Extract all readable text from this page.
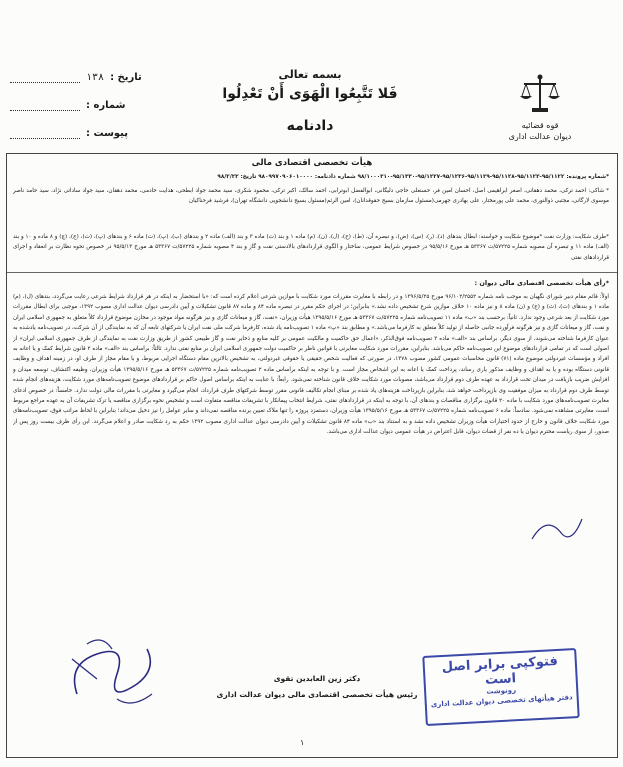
تاریخ :
۱۳۸
شماره :
پیوست :
بسمه تعالی
فَلا تَتَّبِعُوا الْهَوَى أَنْ تَعْدِلُوا
دادنامه	قوه قضائیه
دیوان عدالت اداری
هیأت تخصصی اقتصادی مالی
*شماره پرونده: ۹۵/۱۱۲۲-۹۵/۱۱۲۳-۹۵/۱۱۲۸-۹۵/۱۱۲۹-۹۵/۱۲۳۶-۹۵/۱۲۲۷-۹۵/۱۳۳۰-۹۸/۱۰۰۰۳۱۰ شماره دادنامه: ۹۸۰۹۹۷۰۹۰۶۰۱۰۰۰۰ تاریخ: ۹۸/۲/۲۳
* شاکی: احمد ترکی، محمد دهقانی، اصغر ابراهیمی اصل، احسان امین فر، حسنعلی حاجی دلیگانی، ابوالفضل ابوترابی، احمد سالک، اکبر ترکی، محمود شکری، سید محمد جواد ابطحی، هدایت خادمی، محمد دهقان، سید جواد ساداتی نژاد، سید حامد ناصر موسوی لارگانی، مجتبی ذوالنوری، محمد علی پورمختار، علی بهادری جهرمی(مسئول سازمان بسیج حقوقدانان)، امین الرئم(مسئول بسیج دانشجویی دانشگاه تهران)، فرشید فرحناکیان
*طرف شکایت: وزارت نفت *موضوع شکایت و خواسته: ابطال بندهای (د)، (ر)، (س)، (ض)، و تبصره آن، (ط)، (ح)، (ل)، (ن)، (م) ماده ۱ و بند (ت) ماده ۳ و بند (الف) ماده ۲ و بندهای (ب)، (پ)، (ت) ماده ۶ و بندهای (پ)، (ت)، (ج)، (چ) و ۸ ماده و ۱۰ و بند (الف) ماده ۱۱ و تبصره آن مصوبه شماره ۵۷۲۲۵/ت ۵۳۳۶۷ هـ مورخ ۹۵/۵/۱۶ در خصوص شرایط عمومی، ساختار و الگوی قراردادهای بالادستی نفت و گاز و بند ۴ مصوبه شماره ۵۷۲۲۵/ت ۵۳۳۶۷ هـ مورخ ۹۵/۵/۱۳ در خصوص نحوه نظارت بر انعقاد و اجرای قراردادهای نفتی
*رأی هیأت تخصصی اقتصادی مالی دیوان :
اولاً: قائم مقام دبیر شورای نگهبان به موجب نامه شماره ۹۶/۱۰۲/۲۵۵۲ مورخ ۱۳۹۶/۵/۲۵ و در رابطه با مغایرت مقررات مورد شکایت با موازین شرعی اعلام کرده است که: «با استحضار به اینکه در هر قرارداد شرایط شرعی رعایت می‌گردد، بندهای (ل)، (م) ماده ۱ و بندهای (ت)، (ث) و (ج) و (ن) ماده ۸ و نیز ماده ۱۰ خلاف موازین شرع تشخیص داده نشد.» بنابراین؛ در اجرای حکم مقرر در تبصره ماده ۸۴ و ماده ۸۷ قانون تشکیلات و آیین دادرسی دیوان عدالت اداری مصوب ۱۳۹۲، موجبی برای ابطال مقررات مورد شکایت از بعد شرعی وجود ندارد. ثانیاً: برحسب بند «ب» ماده ۱۱ تصویب‌نامه شماره ۵۷۲۲۵/ت ۵۳۳۶۷ هـ مورخ ۱۳۹۵/۵/۱۶ هیأت وزیران، «نفت، گاز و میعانات گازی و نیز هرگونه مواد موجود در مخازن موضوع قرارداد کلاً متعلق به جمهوری اسلامی ایران و نفت، گاز و میعانات گازی و نیز هرگونه فرآورده جانبی حاصله از تولید کلاً متعلق به کارفرما می‌باشد.» و مطابق بند «پ» ماده ۱ تصویب‌نامه یاد شده، کارفرما شرکت ملی نفت ایران یا شرکتهای تابعه آن که به نمایندگی از آن شرکت، در تصویب‌نامه یادشده به عنوان کارفرما شناخته می‌شوند، از سوی دیگر، براساس بند «الف» ماده ۳ تصویب‌نامه فوق‌الذکر، «اعمال حق حاکمیت و مالکیت عمومی بر کلیه منابع و ذخایر نفت و گاز طبیعی کشور از طریق وزارت نفت به نمایندگی از طرف جمهوری اسلامی ایران» از اصولی است که در تمامی قراردادهای موضوع این تصویب‌نامه حاکم می‌باشد. بنابراین، مقررات مورد شکایت مغایرتی با قوانین ناظر بر حاکمیت دولت جمهوری اسلامی ایران بر منابع نفتی ندارد. ثالثاً: براساس بند «الف» ماده ۲ قانون شرایط کمک و یا اعانه به افراد و مؤسسات غیردولتی موضوع ماده (۷۱) قانون محاسبات عمومی کشور مصوب ۱۳۷۸، در صورتی که فعالیت شخص حقیقی یا حقوقی غیردولتی، به تشخیص بالاترین مقام دستگاه اجرایی مربوط، و با مقام مجاز از طرف او، در زمینه اهداف و وظایف قانونی دستگاه بوده و یا به اهداف و وظایف مذکور یاری رساند، پرداخت کمک یا اعانه به این اشخاص مجاز است. و با توجه به اینکه براساس ماده ۲ تصویب‌نامه شماره ۵۷۲۲۵/ت ۵۳۳۶۷ هـ مورخ ۱۳۹۵/۵/۱۶ هیأت وزیران، وظیفه اکتشاف، توسعه میدان و افزایش ضریب بازیافت در میدان تحت قرارداد به عهده طرف دوم قرارداد می‌باشد، مصوبات مورد شکایت خلاف قانون شناخته نمی‌شود. رابعاً: با عنایت به اینکه براساس اصول حاکم بر قراردادهای موضوع تصویب‌نامه‌های مورد شکایت، هزینه‌های انجام شده توسط طرف دوم قرارداد به میزان موفقیت وی بازپرداخت خواهد شد، بنابراین بازپرداخت هزینه‌های یاد شده بر مبنای انجام تکالیف قانونی مقرر توسط شرکتهای طرف قرارداد، انجام می‌گیرد و مغایرتی با مقررات مالی دولت ندارد. خامساً: در خصوص ادعای مغایرت تصویب‌نامه‌های مورد شکایت با ماده ۲۰ قانون برگزاری مناقصات و بندهای آن، با توجه به اینکه در قراردادهای نفتی، شرایط انتخاب پیمانکار با تشریفات مناقصه متفاوت است و تشخیص نحوه برگزاری مناقصه یا ترک تشریفات آن به عهده مراجع مربوط است، مغایرتی مشاهده نمی‌شود. سادساً: ماده ۶ تصویب‌نامه شماره ۵۷۲۲۵/ت ۵۳۳۶۷ هـ مورخ ۱۳۹۵/۵/۱۶ هیأت وزیران، دستمزد پروژه را تنها ملاک تعیین برنده مناقصه نمی‌داند و سایر عوامل را نیز دخیل می‌داند؛ بنابراین با لحاظ مراتب فوق، تصویب‌نامه‌های مورد شکایت خلاف قانون و خارج از حدود اختیارات هیأت وزیران تشخیص داده نشد و به استناد بند «ب» ماده ۸۴ قانون تشکیلات و آیین دادرسی دیوان عدالت اداری مصوب ۱۳۹۲ حکم به رد شکایت صادر و اعلام می‌گردد. این رأی ظرف بیست روز پس از صدور، از سوی ریاست محترم دیوان یا ده نفر از قضات دیوان، قابل اعتراض در هیأت عمومی دیوان عدالت اداری می‌باشد.
دکتر زین العابدین تقوی
رئیس هیأت تخصصی اقتصادی مالی دیوان عدالت اداری
۱
فتوکپی برابر اصل است
رونوشت
دفتر هیأتهای تخصصی دیوان عدالت اداری
